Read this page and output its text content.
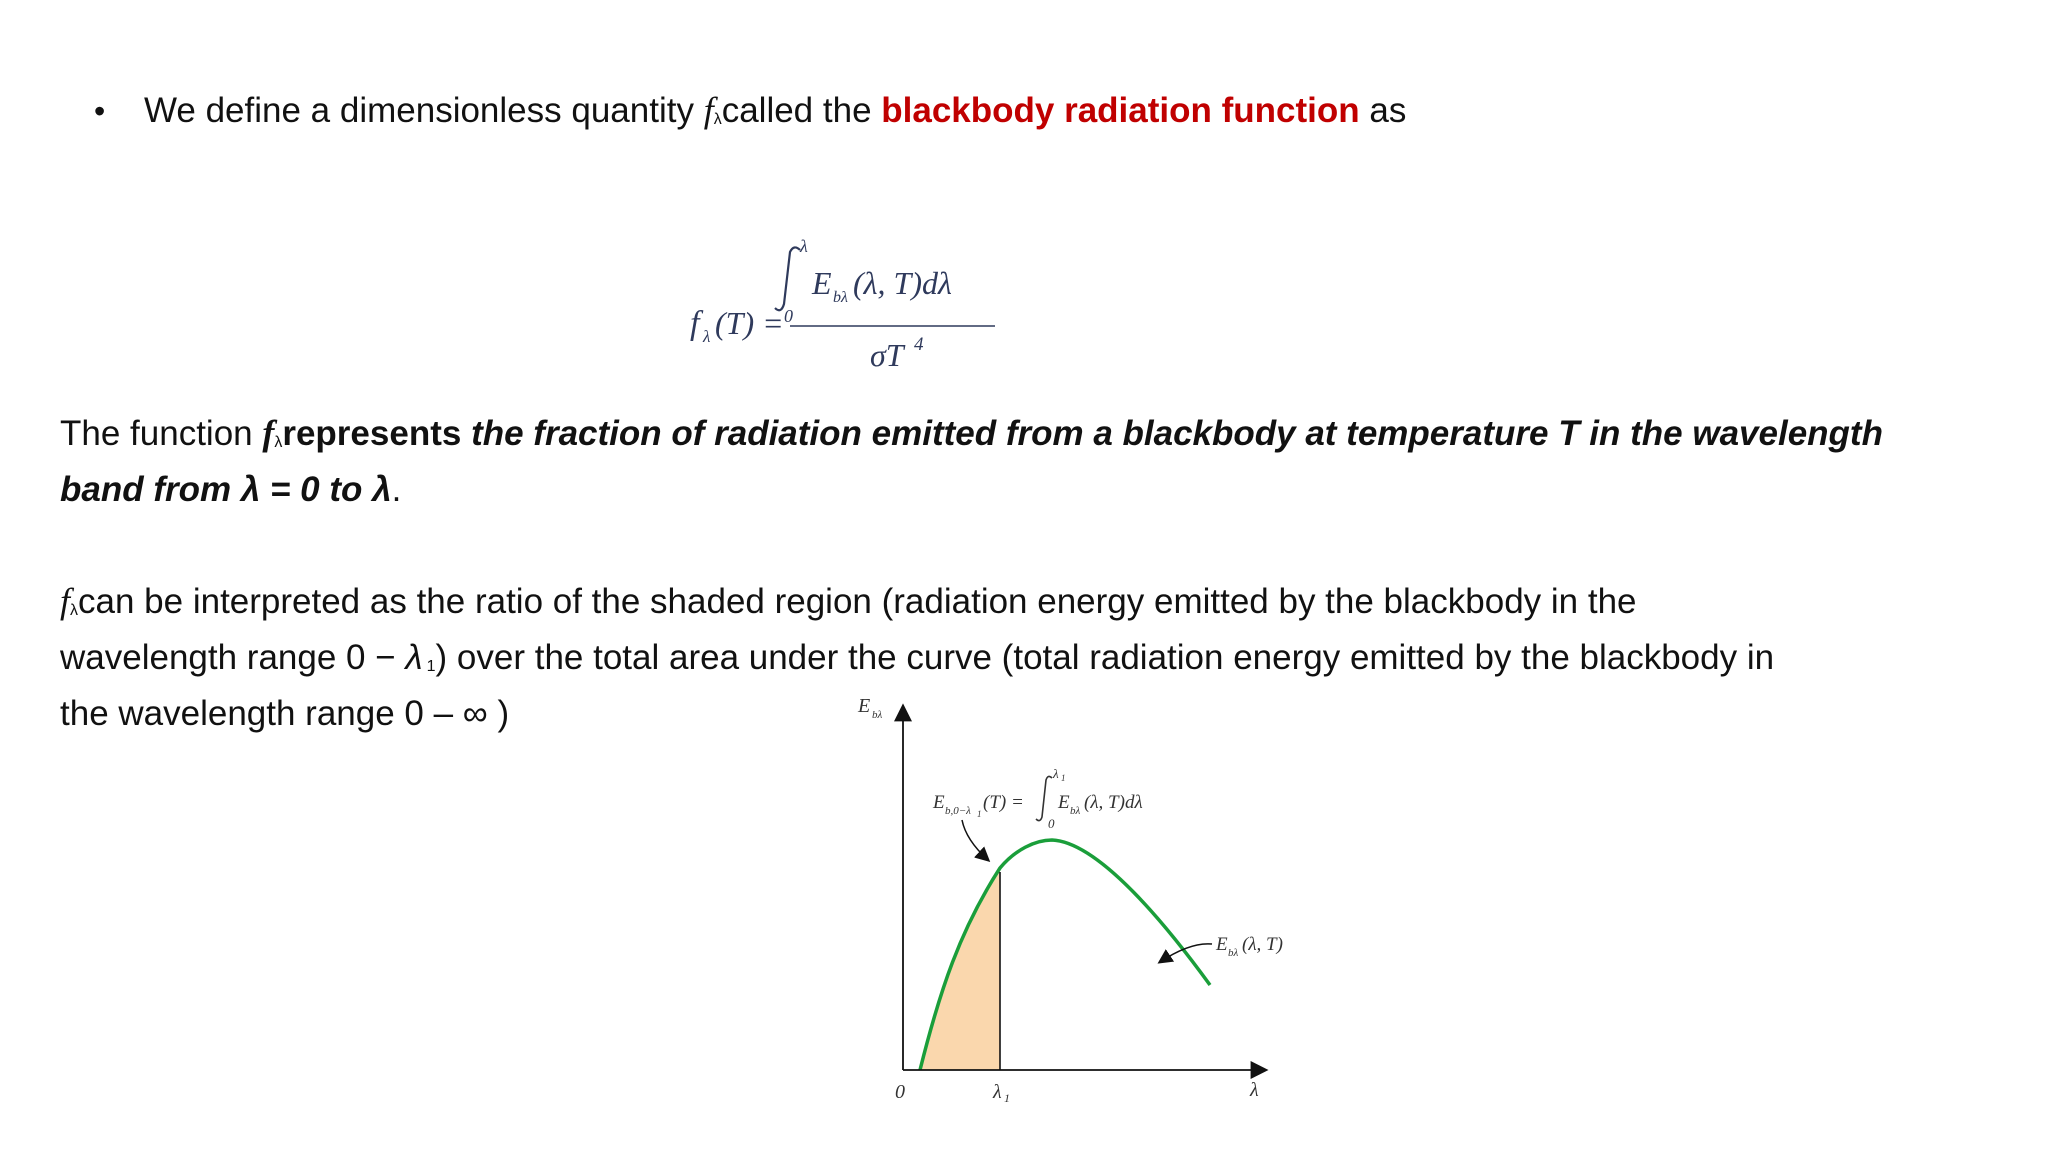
• We define a dimensionless quantity fλcalled the blackbody radiation function as
f λ (T) =
λ
0
E bλ (λ, T)dλ
σT 4
The function fλrepresents the fraction of radiation emitted from a blackbody at temperature T in the wavelength
band from λ = 0 to λ.
fλcan be interpreted as the ratio of the shaded region (radiation energy emitted by the blackbody in the
wavelength range 0 − λ 1) over the total area under the curve (total radiation energy emitted by the blackbody in
the wavelength range 0 – ∞ )	E bλ
0	λ 1	λ
E b,0−λ 1
(T) =
λ 1
0
E bλ (λ, T)dλ
E bλ (λ, T)
